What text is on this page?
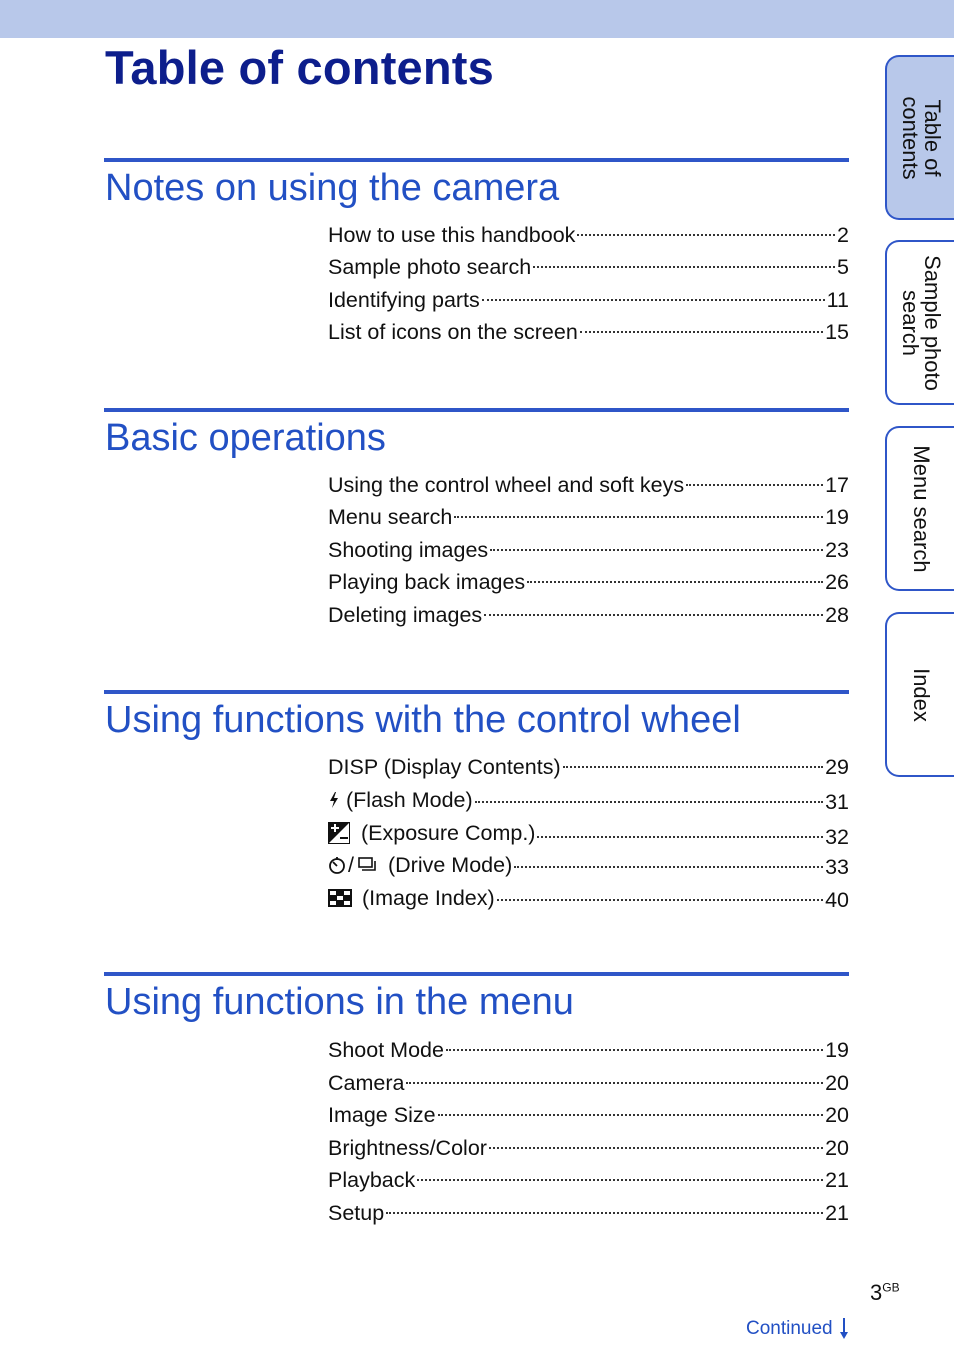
Table of contents
Notes on using the camera
How to use this handbook	2
Sample photo search	5
Identifying parts	11
List of icons on the screen	15
Basic operations
Using the control wheel and soft keys	17
Menu search	19
Shooting images	23
Playing back images	26
Deleting images	28
Using functions with the control wheel
DISP (Display Contents)	29
(Flash Mode)	31
(Exposure Comp.)	32
/ (Drive Mode)	33
(Image Index)	40
Using functions in the menu
Shoot Mode	19
Camera	20
Image Size	20
Brightness/Color	20
Playback	21
Setup	21
Table of
contents
Sample photo
search
Menu search
Index
$3^{GB}$
Continued
